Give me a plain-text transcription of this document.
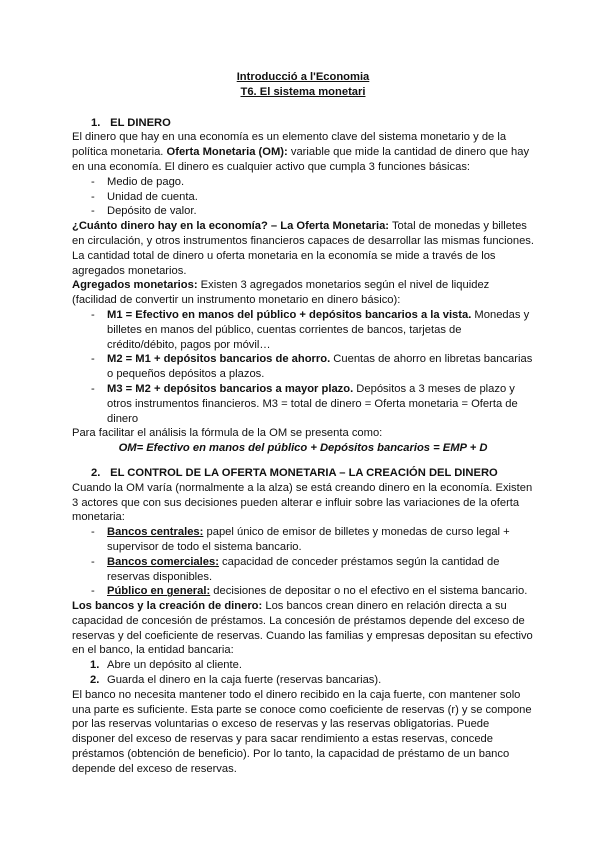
Introducció a l'Economia

T6. El sistema monetari

1. EL DINERO

El dinero que hay en una economía es un elemento clave del sistema monetario y de la política monetaria. Oferta Monetaria (OM): variable que mide la cantidad de dinero que hay en una economía. El dinero es cualquier activo que cumpla 3 funciones básicas:

- Medio de pago.
- Unidad de cuenta.
- Depósito de valor.

¿Cuánto dinero hay en la economía? – La Oferta Monetaria: Total de monedas y billetes en circulación, y otros instrumentos financieros capaces de desarrollar las mismas funciones. La cantidad total de dinero u oferta monetaria en la economía se mide a través de los agregados monetarios.

Agregados monetarios: Existen 3 agregados monetarios según el nivel de liquidez (facilidad de convertir un instrumento monetario en dinero básico):

- M1 = Efectivo en manos del público + depósitos bancarios a la vista. Monedas y billetes en manos del público, cuentas corrientes de bancos, tarjetas de crédito/débito, pagos por móvil…
- M2 = M1 + depósitos bancarios de ahorro. Cuentas de ahorro en libretas bancarias o pequeños depósitos a plazos.
- M3 = M2 + depósitos bancarios a mayor plazo. Depósitos a 3 meses de plazo y otros instrumentos financieros. M3 = total de dinero = Oferta monetaria = Oferta de dinero

Para facilitar el análisis la fórmula de la OM se presenta como:

OM= Efectivo en manos del público + Depósitos bancarios = EMP + D

2. EL CONTROL DE LA OFERTA MONETARIA – LA CREACIÓN DEL DINERO

Cuando la OM varía (normalmente a la alza) se está creando dinero en la economía. Existen 3 actores que con sus decisiones pueden alterar e influir sobre las variaciones de la oferta monetaria:

- Bancos centrales: papel único de emisor de billetes y monedas de curso legal + supervisor de todo el sistema bancario.
- Bancos comerciales: capacidad de conceder préstamos según la cantidad de reservas disponibles.
- Público en general: decisiones de depositar o no el efectivo en el sistema bancario.

Los bancos y la creación de dinero: Los bancos crean dinero en relación directa a su capacidad de concesión de préstamos. La concesión de préstamos depende del exceso de reservas y del coeficiente de reservas. Cuando las familias y empresas depositan su efectivo en el banco, la entidad bancaria:

1. Abre un depósito al cliente.
2. Guarda el dinero en la caja fuerte (reservas bancarias).

El banco no necesita mantener todo el dinero recibido en la caja fuerte, con mantener solo una parte es suficiente. Esta parte se conoce como coeficiente de reservas (r) y se compone por las reservas voluntarias o exceso de reservas y las reservas obligatorias. Puede disponer del exceso de reservas y para sacar rendimiento a estas reservas, concede préstamos (obtención de beneficio). Por lo tanto, la capacidad de préstamo de un banco depende del exceso de reservas.
